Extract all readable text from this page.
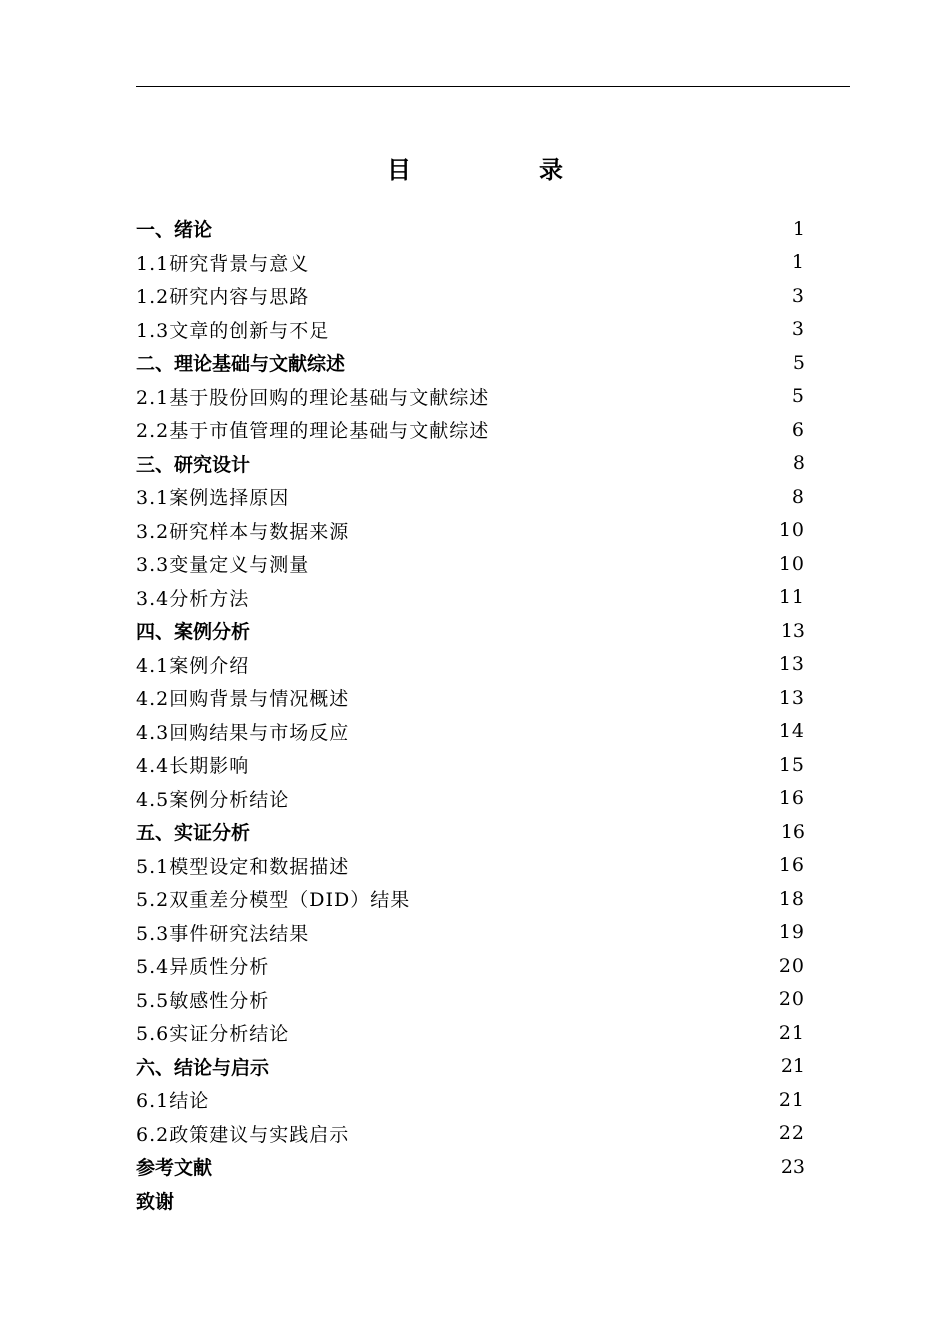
目　录
一、绪论	1
1.1研究背景与意义	1
1.2研究内容与思路	3
1.3文章的创新与不足	3
二、理论基础与文献综述	5
2.1基于股份回购的理论基础与文献综述	5
2.2基于市值管理的理论基础与文献综述	6
三、研究设计	8
3.1案例选择原因	8
3.2研究样本与数据来源	10
3.3变量定义与测量	10
3.4分析方法	11
四、案例分析	13
4.1案例介绍	13
4.2回购背景与情况概述	13
4.3回购结果与市场反应	14
4.4长期影响	15
4.5案例分析结论	16
五、实证分析	16
5.1模型设定和数据描述	16
5.2双重差分模型（DID）结果	18
5.3事件研究法结果	19
5.4异质性分析	20
5.5敏感性分析	20
5.6实证分析结论	21
六、结论与启示	21
6.1结论	21
6.2政策建议与实践启示	22
参考文献	23
致谢
